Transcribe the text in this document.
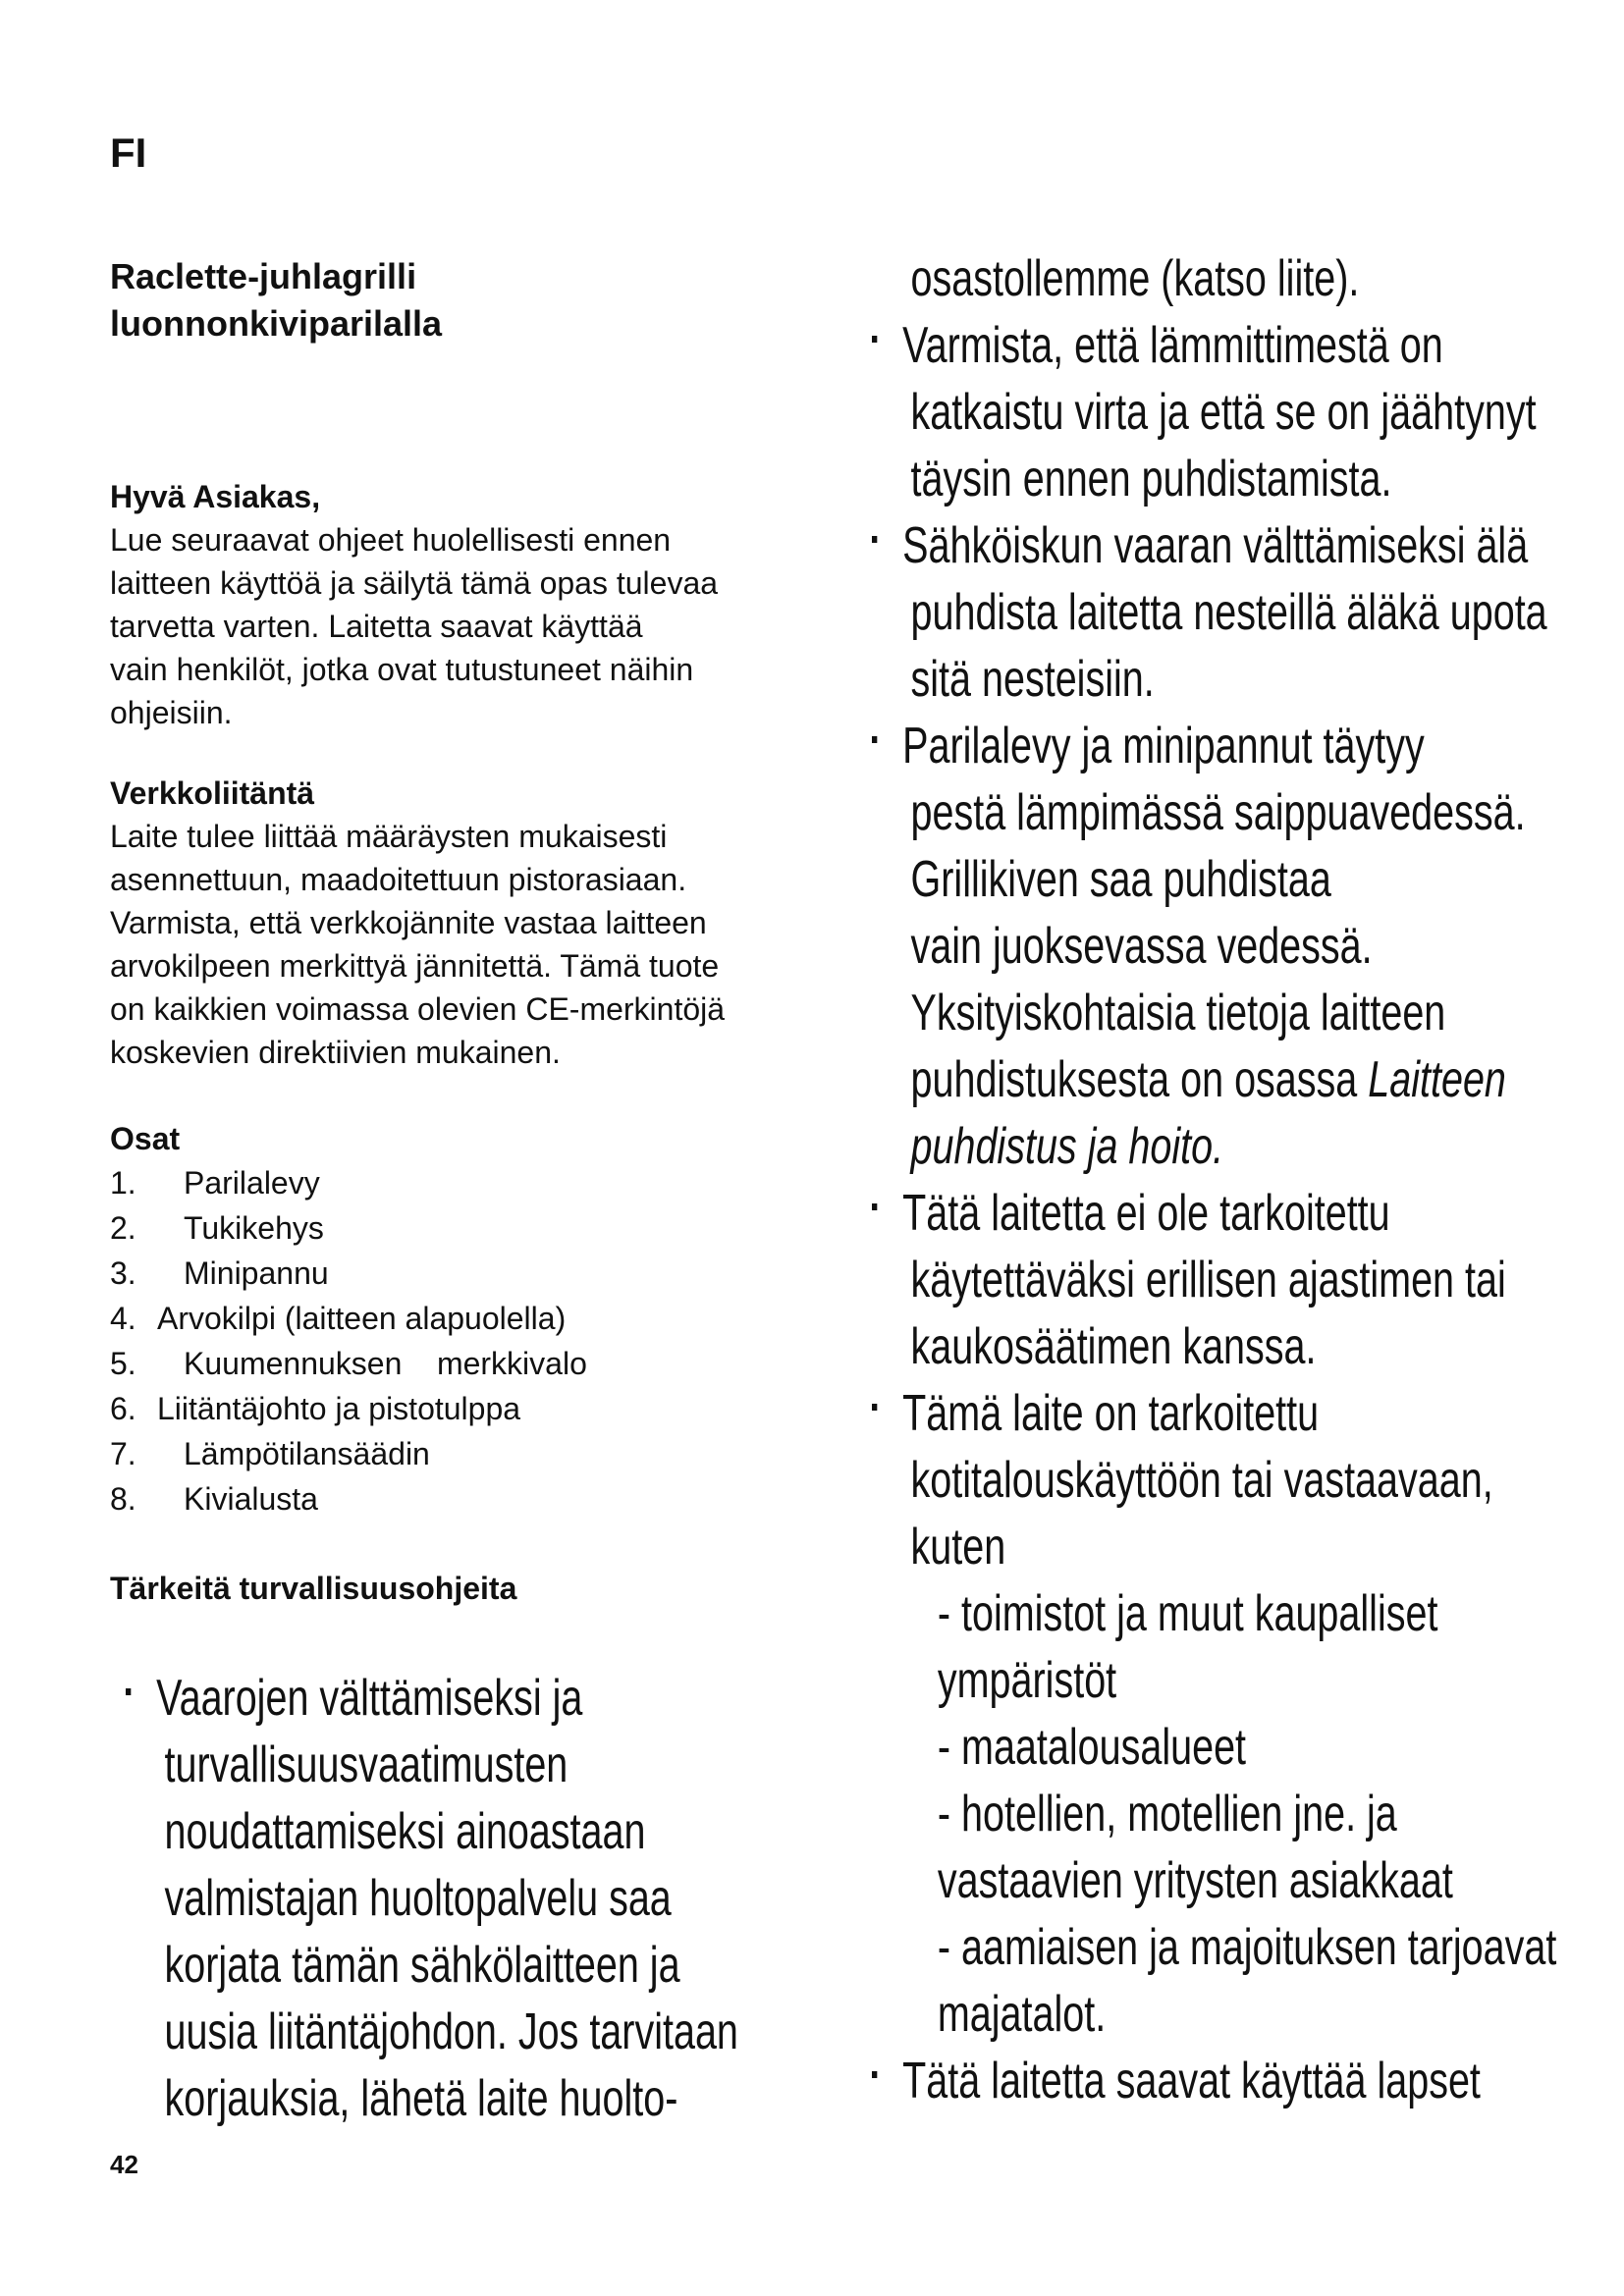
FI
Raclette-juhlagrilli
luonnonkiviparilalla

Hyvä Asiakas,

Lue seuraavat ohjeet huolellisesti ennen
laitteen käyttöä ja säilytä tämä opas tulevaa
tarvetta varten. Laitetta saavat käyttää
vain henkilöt, jotka ovat tutustuneet näihin
ohjeisiin.

Verkkoliitäntä

Laite tulee liittää määräysten mukaisesti
asennettuun, maadoitettuun pistorasiaan.
Varmista, että verkkojännite vastaa laitteen
arvokilpeen merkittyä jännitettä. Tämä tuote
on kaikkien voimassa olevien CE-merkintöjä
koskevien direktiivien mukainen.

Osat

1.	Parilalevy
2.	Tukikehys
3.	Minipannu
4. Arvokilpi (laitteen alapuolella)
5.	Kuumennuksen    merkkivalo
6. Liitäntäjohto ja pistotulppa
7.	Lämpötilansäädin
8.	Kivialusta

Tärkeitä turvallisuusohjeita

Vaarojen välttämiseksi ja
turvallisuusvaatimusten
noudattamiseksi ainoastaan
valmistajan huoltopalvelu saa
korjata tämän sähkölaitteen ja
uusia liitäntäjohdon. Jos tarvitaan
korjauksia, lähetä laite huolto-
osastollemme (katso liite).
Varmista, että lämmittimestä on
katkaistu virta ja että se on jäähtynyt
täysin ennen puhdistamista.
Sähköiskun vaaran välttämiseksi älä
puhdista laitetta nesteillä äläkä upota
sitä nesteisiin.
Parilalevy ja minipannut täytyy
pestä lämpimässä saippuavedessä.
Grillikiven saa puhdistaa
vain juoksevassa vedessä.
Yksityiskohtaisia tietoja laitteen
puhdistuksesta on osassa Laitteen
puhdistus ja hoito.
Tätä laitetta ei ole tarkoitettu
käytettäväksi erillisen ajastimen tai
kaukosäätimen kanssa.
Tämä laite on tarkoitettu
kotitalouskäyttöön tai vastaavaan,
kuten
- toimistot ja muut kaupalliset
ympäristöt
- maatalousalueet
- hotellien, motellien jne. ja
vastaavien yritysten asiakkaat
- aamiaisen ja majoituksen tarjoavat
majatalot.
Tätä laitetta saavat käyttää lapset
42
